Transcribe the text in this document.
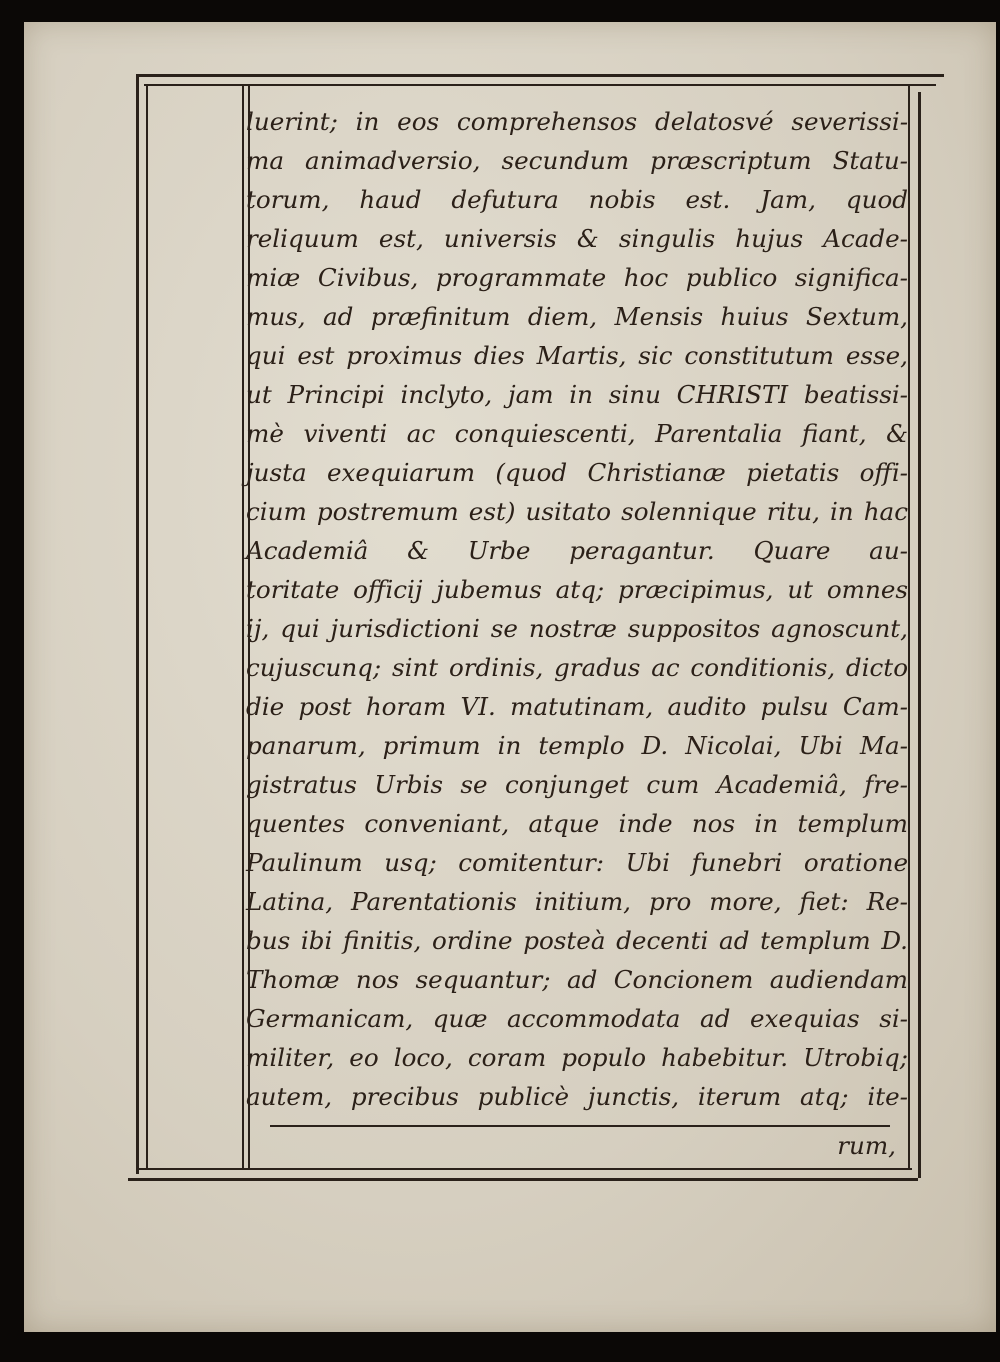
luerint; in eos comprehensos delatosvé severissi-
ma animadversio, secundum præscriptum Statu-
torum, haud defutura nobis est. Jam, quod
reliquum est, universis & singulis hujus Acade-
miæ Civibus, programmate hoc publico significa-
mus, ad præfinitum diem, Mensis huius Sextum,
qui est proximus dies Martis, sic constitutum esse,
ut Principi inclyto, jam in sinu CHRISTI beatissi-
mè viventi ac conquiescenti, Parentalia fiant, &
justa exequiarum (quod Christianæ pietatis offi-
cium postremum est) usitato solennique ritu, in hac
Academiâ & Urbe peragantur. Quare au-
toritate officij jubemus atq; præcipimus, ut omnes
ij, qui jurisdictioni se nostræ suppositos agnoscunt,
cujuscunq; sint ordinis, gradus ac conditionis, dicto
die post horam VI. matutinam, audito pulsu Cam-
panarum, primum in templo D. Nicolai, Ubi Ma-
gistratus Urbis se conjunget cum Academiâ, fre-
quentes conveniant, atque inde nos in templum
Paulinum usq; comitentur: Ubi funebri oratione
Latina, Parentationis initium, pro more, fiet: Re-
bus ibi finitis, ordine posteà decenti ad templum D.
Thomæ nos sequantur; ad Concionem audiendam
Germanicam, quæ accommodata ad exequias si-
militer, eo loco, coram populo habebitur. Utrobiq;
autem, precibus publicè junctis, iterum atq; ite-
rum,
